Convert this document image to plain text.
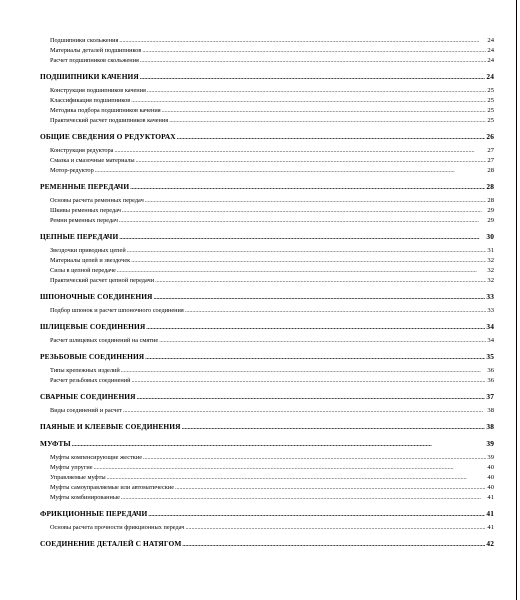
Подшипники скольжения .....	24
Материалы деталей подшипников .....	24
Расчет подшипников скольжения .....	24
ПОДШИПНИКИ КАЧЕНИЯ .....	24
Конструкция подшипников качения .....	25
Классификация подшипников .....	25
Методика подбора подшипников качения .....	25
Практический расчет подшипников качения .....	25
ОБЩИЕ СВЕДЕНИЯ О РЕДУКТОРАХ .....	26
Конструкция редуктора .....	27
Смазка и смазочные материалы .....	27
Мотор-редуктор .....	28
РЕМЕННЫЕ ПЕРЕДАЧИ .....	28
Основы расчета ременных передач .....	28
Шкивы ременных передач .....	29
Ремни ременных передач .....	29
ЦЕПНЫЕ ПЕРЕДАЧИ .....	30
Звездочки приводных цепей .....	31
Материалы цепей и звездочек .....	32
Силы в цепной передаче .....	32
Практический расчет цепной передачи .....	32
ШПОНОЧНЫЕ СОЕДИНЕНИЯ .....	33
Подбор шпонок и расчет шпоночного соединения .....	33
ШЛИЦЕВЫЕ СОЕДИНЕНИЯ .....	34
Расчет шлицевых соединений на смятие .....	34
РЕЗЬБОВЫЕ СОЕДИНЕНИЯ .....	35
Типы крепежных изделий .....	36
Расчет резьбовых соединений .....	36
СВАРНЫЕ СОЕДИНЕНИЯ .....	37
Виды соединений и расчет .....	38
ПАЯНЫЕ И КЛЕЕВЫЕ СОЕДИНЕНИЯ .....	38
МУФТЫ .....	39
Муфты компенсирующие жесткие .....	39
Муфты упругие .....	40
Управляемые муфты .....	40
Муфты самоуправляемые или автоматические .....	40
Муфты комбинированные .....	41
ФРИКЦИОННЫЕ ПЕРЕДАЧИ .....	41
Основы расчета прочности фрикционных передач .....	41
СОЕДИНЕНИЕ ДЕТАЛЕЙ С НАТЯГОМ .....	42
